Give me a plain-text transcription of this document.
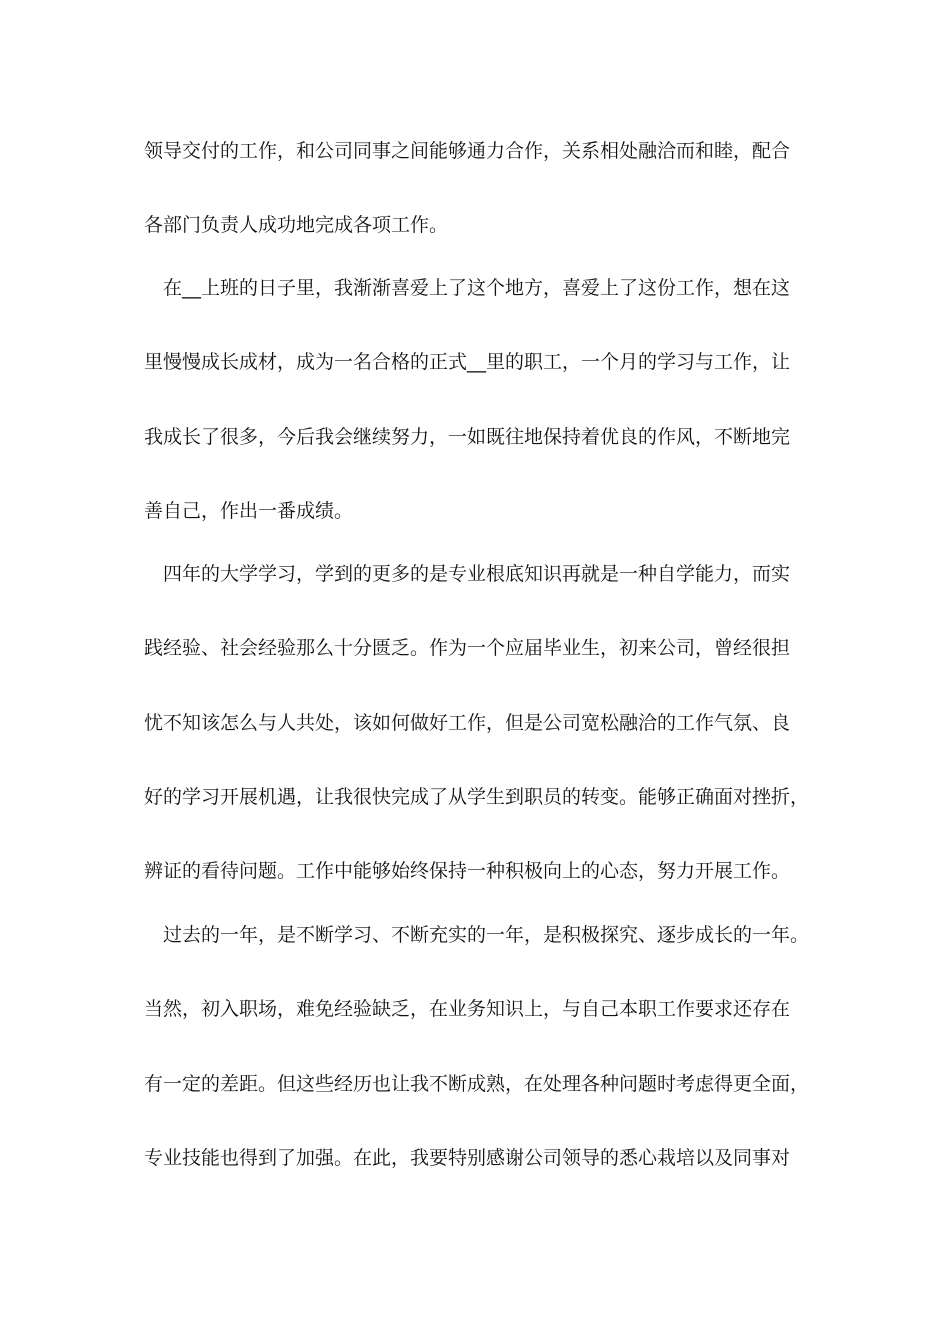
领导交付的工作，和公司同事之间能够通力合作，关系相处融洽而和睦，配合
各部门负责人成功地完成各项工作。
在__上班的日子里，我渐渐喜爱上了这个地方，喜爱上了这份工作，想在这
里慢慢成长成材，成为一名合格的正式__里的职工，一个月的学习与工作，让
我成长了很多，今后我会继续努力，一如既往地保持着优良的作风，不断地完
善自己，作出一番成绩。
四年的大学学习，学到的更多的是专业根底知识再就是一种自学能力，而实
践经验、社会经验那么十分匮乏。作为一个应届毕业生，初来公司，曾经很担
忧不知该怎么与人共处，该如何做好工作，但是公司宽松融洽的工作气氛、良
好的学习开展机遇，让我很快完成了从学生到职员的转变。能够正确面对挫折，
辨证的看待问题。工作中能够始终保持一种积极向上的心态，努力开展工作。
过去的一年，是不断学习、不断充实的一年，是积极探究、逐步成长的一年。
当然，初入职场，难免经验缺乏，在业务知识上，与自己本职工作要求还存在
有一定的差距。但这些经历也让我不断成熟，在处理各种问题时考虑得更全面，
专业技能也得到了加强。在此，我要特别感谢公司领导的悉心栽培以及同事对
